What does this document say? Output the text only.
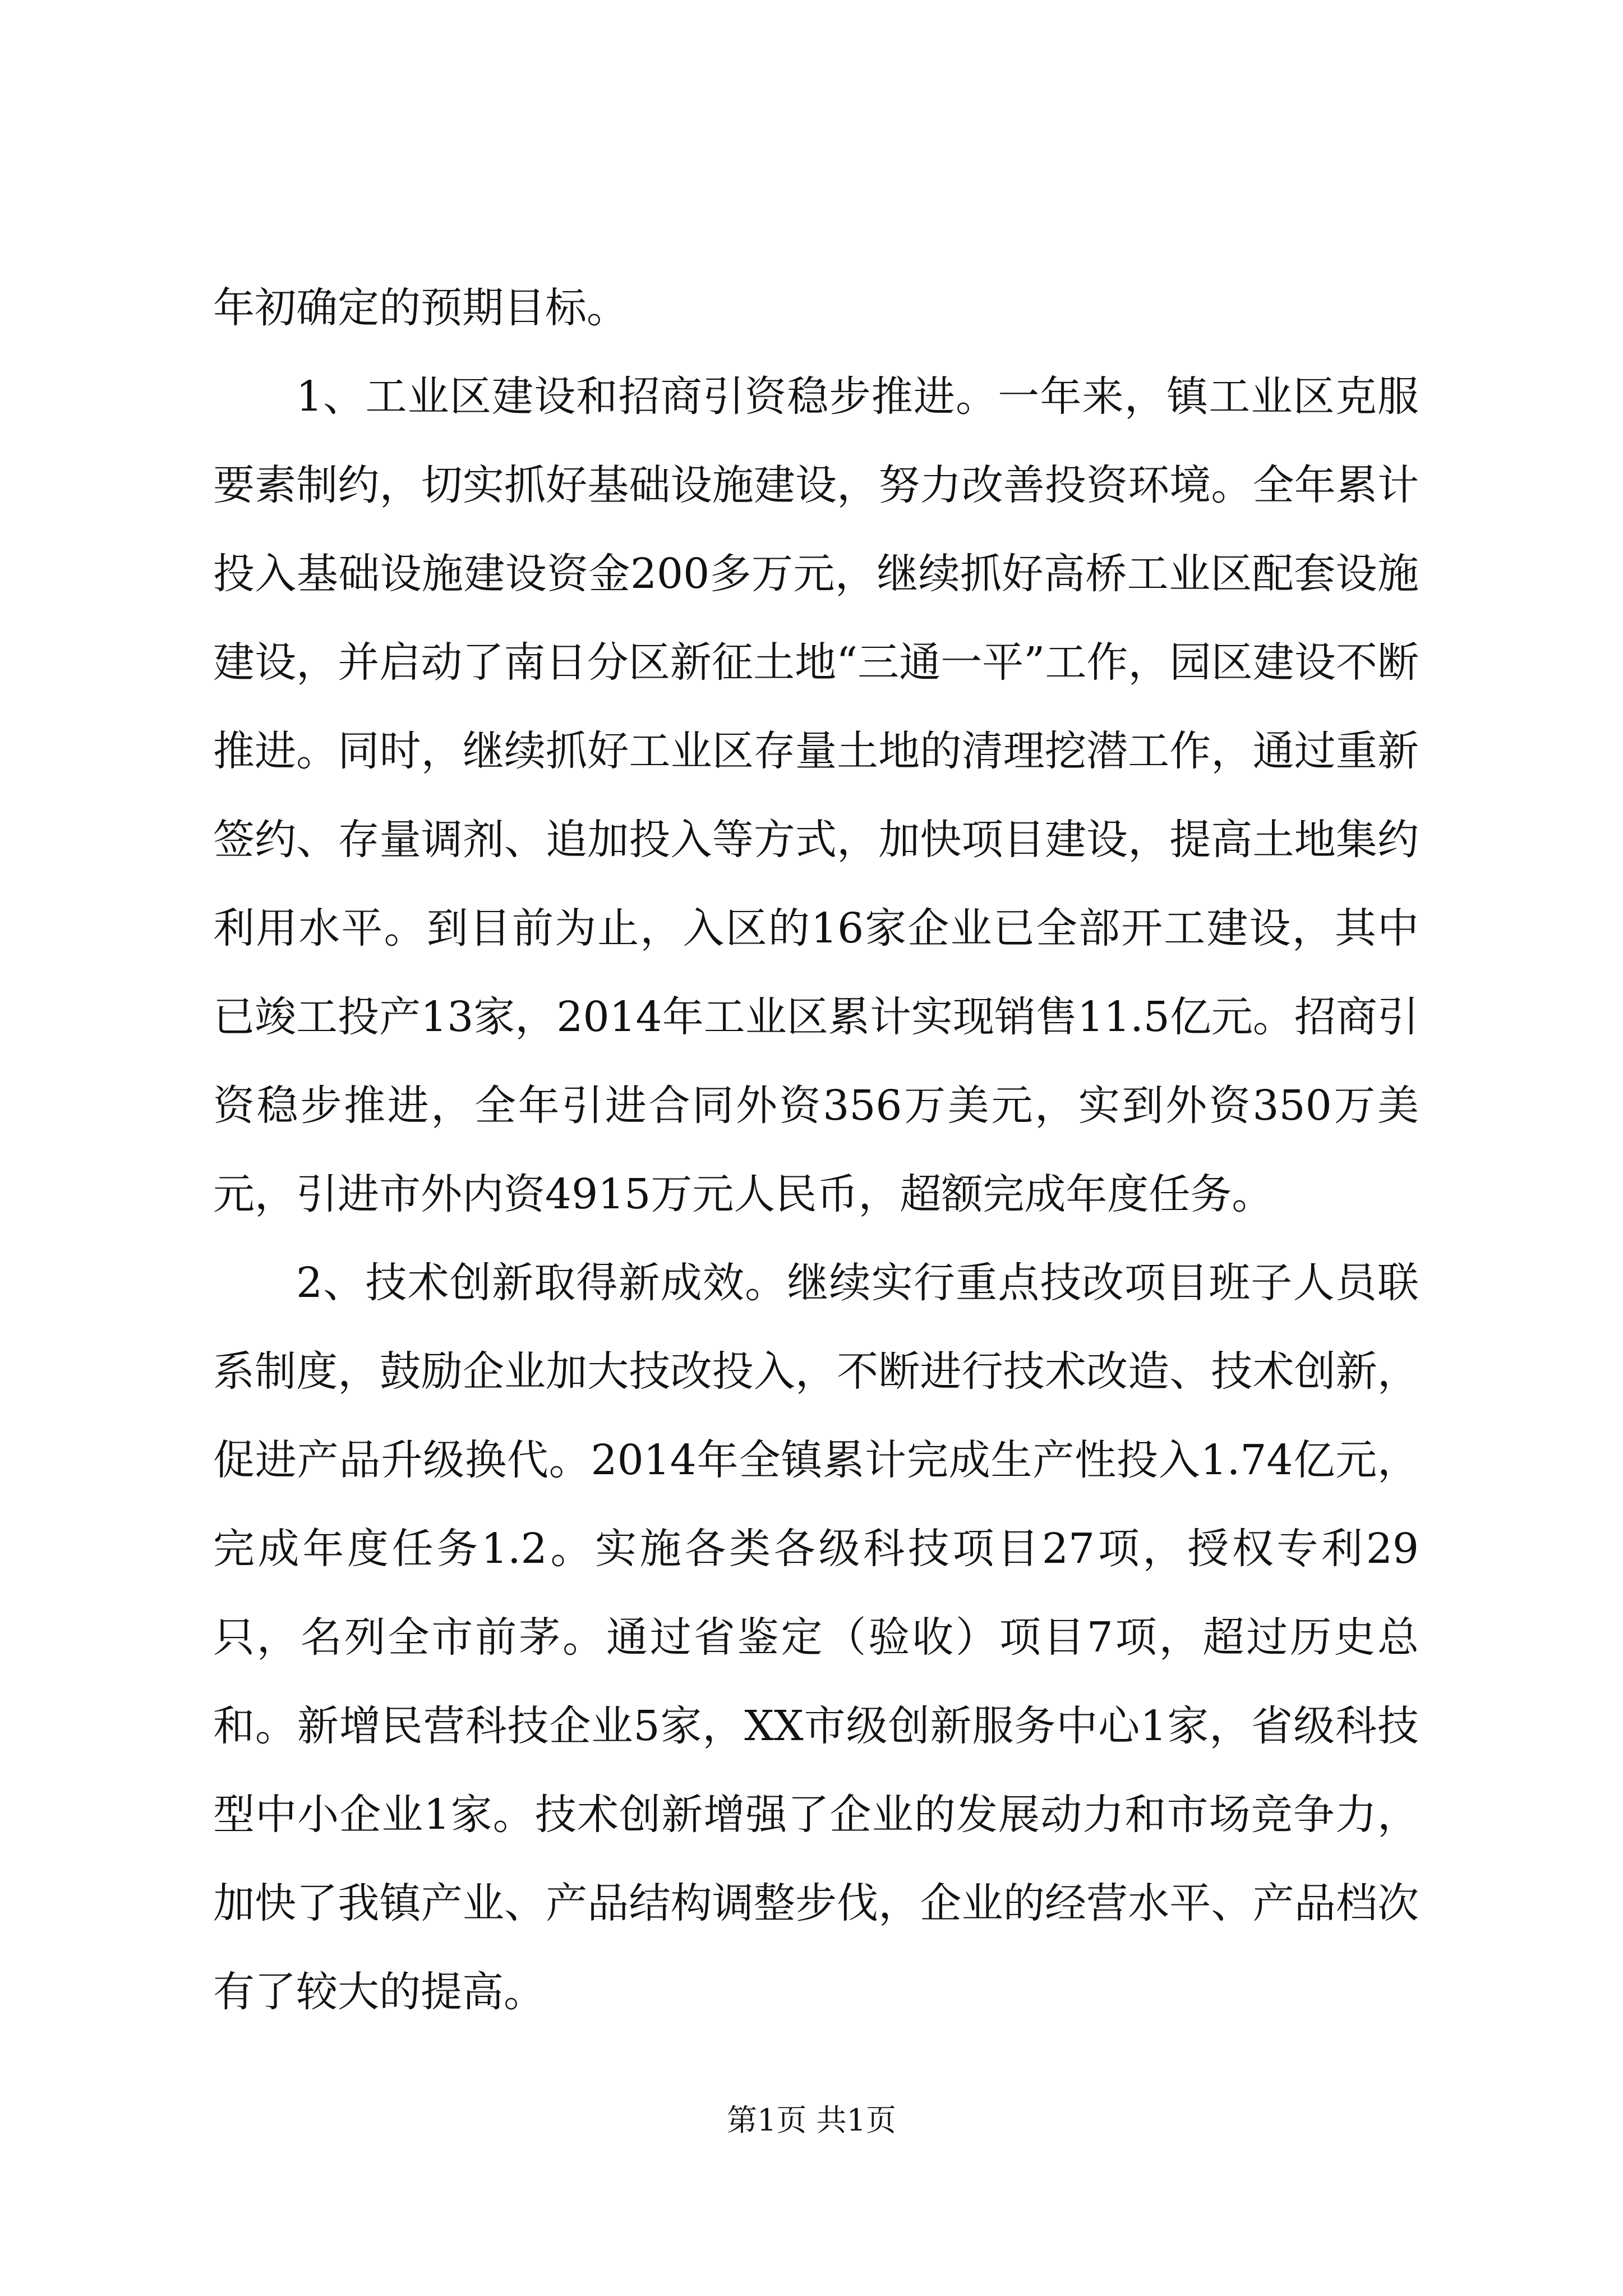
年初确定的预期目标。

1、工业区建设和招商引资稳步推进。一年来，镇工业区克服要素制约，切实抓好基础设施建设，努力改善投资环境。全年累计投入基础设施建设资金200多万元，继续抓好高桥工业区配套设施建设，并启动了南日分区新征土地“三通一平”工作，园区建设不断推进。同时，继续抓好工业区存量土地的清理挖潜工作，通过重新签约、存量调剂、追加投入等方式，加快项目建设，提高土地集约利用水平。到目前为止，入区的16家企业已全部开工建设，其中已竣工投产13家，2014年工业区累计实现销售11.5亿元。招商引资稳步推进，全年引进合同外资356万美元，实到外资350万美元，引进市外内资4915万元人民币，超额完成年度任务。

2、技术创新取得新成效。继续实行重点技改项目班子人员联系制度，鼓励企业加大技改投入，不断进行技术改造、技术创新，促进产品升级换代。2014年全镇累计完成生产性投入1.74亿元，完成年度任务1.2。实施各类各级科技项目27项，授权专利29只，名列全市前茅。通过省鉴定（验收）项目7项，超过历史总和。新增民营科技企业5家，XX市级创新服务中心1家，省级科技型中小企业1家。技术创新增强了企业的发展动力和市场竞争力，加快了我镇产业、产品结构调整步伐，企业的经营水平、产品档次有了较大的提高。

第1页 共1页
